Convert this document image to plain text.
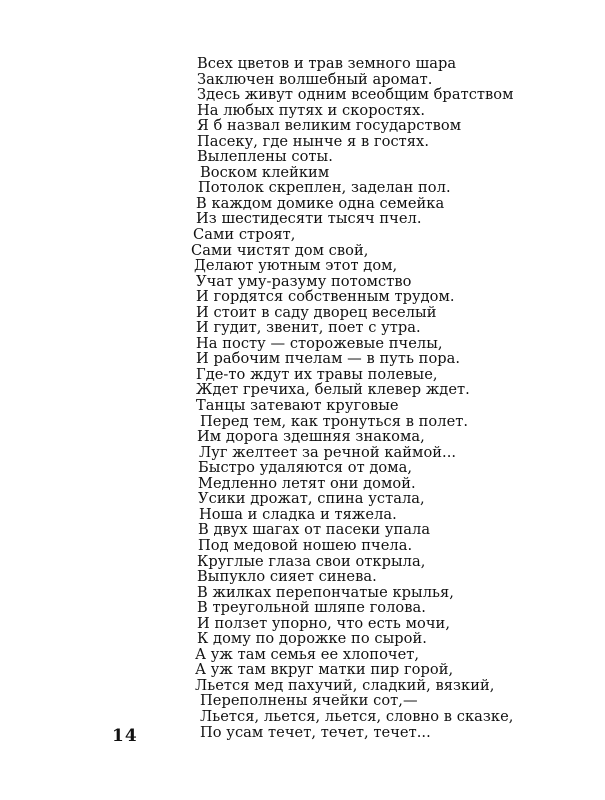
Всех цветов и трав земного шара
Заключен волшебный аромат.
Здесь живут одним всеобщим братством
На любых путях и скоростях.
Я б назвал великим государством
Пасеку, где нынче я в гостях.
Вылеплены соты.
Воском клейким
Потолок скреплен, заделан пол.
В каждом домике одна семейка
Из шестидесяти тысяч пчел.
Сами строят,
Сами чистят дом свой,
Делают уютным этот дом,
Учат уму-разуму потомство
И гордятся собственным трудом.
И стоит в саду дворец веселый
И гудит, звенит, поет с утра.
На посту — сторожевые пчелы,
И рабочим пчелам — в путь пора.
Где-то ждут их травы полевые,
Ждет гречиха, белый клевер ждет.
Танцы затевают круговые
Перед тем, как тронуться в полет.
Им дорога здешняя знакома,
Луг желтеет за речной каймой...
Быстро удаляются от дома,
Медленно летят они домой.
Усики дрожат, спина устала,
Ноша и сладка и тяжела.
В двух шагах от пасеки упала
Под медовой ношею пчела.
Круглые глаза свои открыла,
Выпукло сияет синева.
В жилках перепончатые крылья,
В треугольной шляпе голова.
И ползет упорно, что есть мочи,
К дому по дорожке по сырой.
А уж там семья ее хлопочет,
А уж там вкруг матки пир горой,
Льется мед пахучий, сладкий, вязкий,
Переполнены ячейки сот,—
Льется, льется, льется, словно в сказке,
По усам течет, течет, течет...
14
